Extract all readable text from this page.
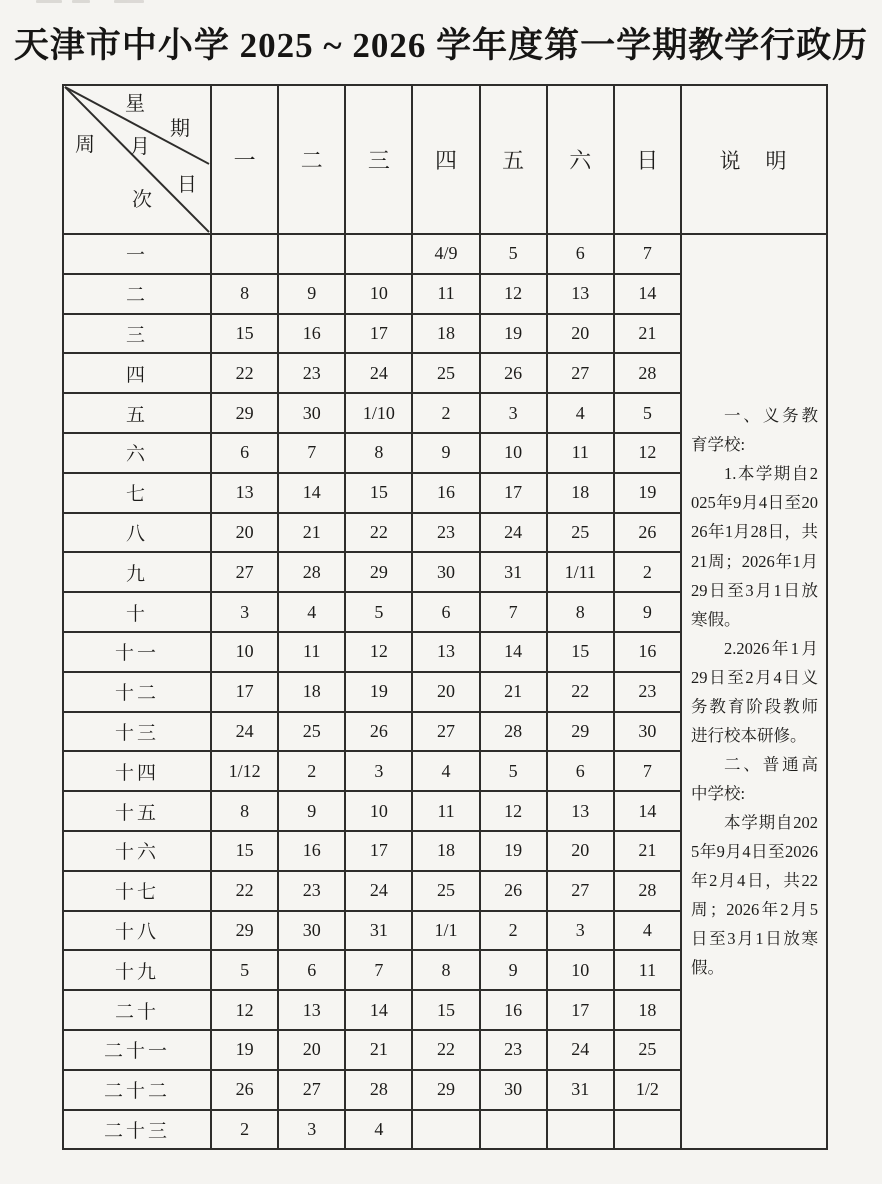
天津市中小学 2025 ~ 2026 学年度第一学期教学行政历
星
期
月
日
周
次
	一	二	三	四	五	六	日	说　明
一				4/9	5	6	7	一、义务教育学校:

1.本学期自2025年9月4日至2026年1月28日，共21周；2026年1月29日至3月1日放寒假。

2.2026年1月29日至2月4日义务教育阶段教师进行校本研修。

二、普通高中学校:

本学期自2025年9月4日至2026年2月4日，共22周；2026年2月5日至3月1日放寒假。

二	8	9	10	11	12	13	14	
三	15	16	17	18	19	20	21	
四	22	23	24	25	26	27	28	
五	29	30	1/10	2	3	4	5	
六	6	7	8	9	10	11	12	
七	13	14	15	16	17	18	19	
八	20	21	22	23	24	25	26	
九	27	28	29	30	31	1/11	2	
十	3	4	5	6	7	8	9	
十一	10	11	12	13	14	15	16	
十二	17	18	19	20	21	22	23	
十三	24	25	26	27	28	29	30	
十四	1/12	2	3	4	5	6	7	
十五	8	9	10	11	12	13	14	
十六	15	16	17	18	19	20	21	
十七	22	23	24	25	26	27	28	
十八	29	30	31	1/1	2	3	4	
十九	5	6	7	8	9	10	11	
二十	12	13	14	15	16	17	18	
二十一	19	20	21	22	23	24	25	
二十二	26	27	28	29	30	31	1/2	
二十三	2	3	4					
